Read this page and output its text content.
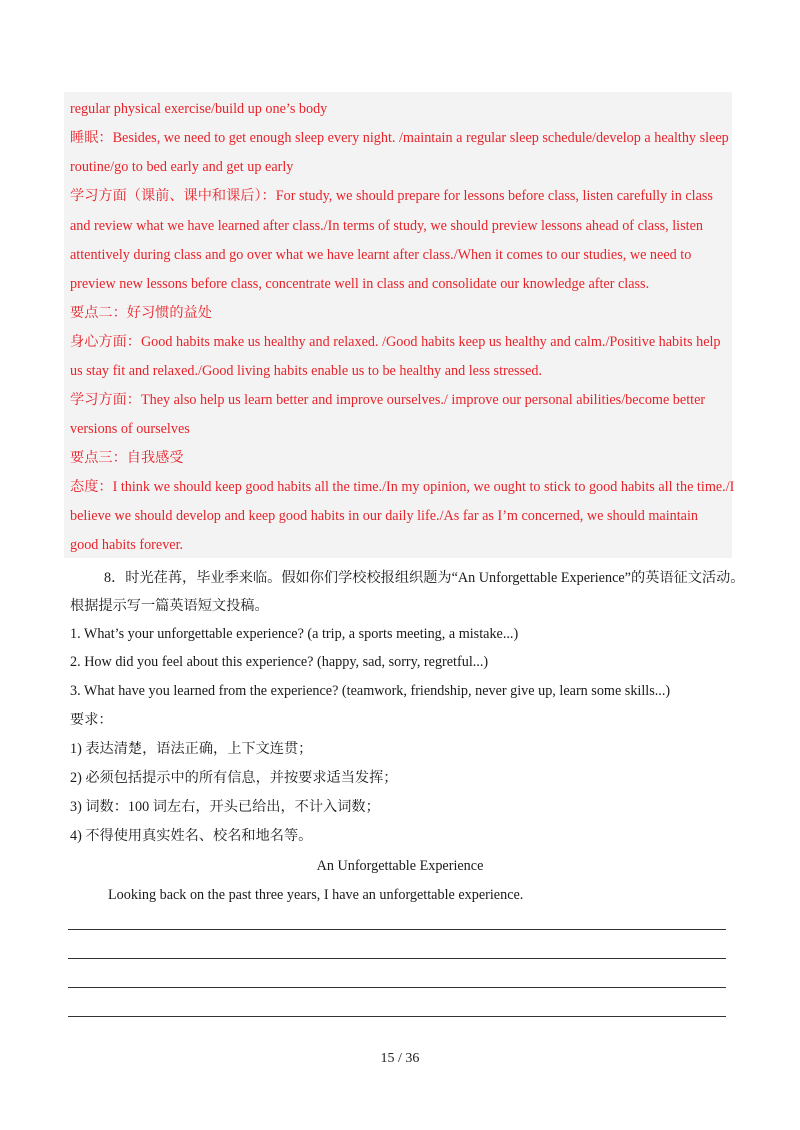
regular physical exercise/build up one’s body
睡眠：Besides, we need to get enough sleep every night. /maintain a regular sleep schedule/develop a healthy sleep
routine/go to bed early and get up early
学习方面（课前、课中和课后）：For study, we should prepare for lessons before class, listen carefully in class
and review what we have learned after class./In terms of study, we should preview lessons ahead of class, listen
attentively during class and go over what we have learnt after class./When it comes to our studies, we need to
preview new lessons before class, concentrate well in class and consolidate our knowledge after class.
要点二：好习惯的益处
身心方面：Good habits make us healthy and relaxed. /Good habits keep us healthy and calm./Positive habits help
us stay fit and relaxed./Good living habits enable us to be healthy and less stressed.
学习方面：They also help us learn better and improve ourselves./ improve our personal abilities/become better
versions of ourselves
要点三：自我感受
态度：I think we should keep good habits all the time./In my opinion, we ought to stick to good habits all the time./I
believe we should develop and keep good habits in our daily life./As far as I’m concerned, we should maintain
good habits forever.
8．时光荏苒，毕业季来临。假如你们学校校报组织题为“An Unforgettable Experience”的英语征文活动。
根据提示写一篇英语短文投稿。
1. What’s your unforgettable experience? (a trip, a sports meeting, a mistake...)
2. How did you feel about this experience? (happy, sad, sorry, regretful...)
3. What have you learned from the experience? (teamwork, friendship, never give up, learn some skills...)
要求：
1) 表达清楚，语法正确，上下文连贯；
2) 必须包括提示中的所有信息，并按要求适当发挥；
3) 词数：100 词左右，开头已给出，不计入词数；
4) 不得使用真实姓名、校名和地名等。
An Unforgettable Experience
Looking back on the past three years, I have an unforgettable experience.
15 / 36
